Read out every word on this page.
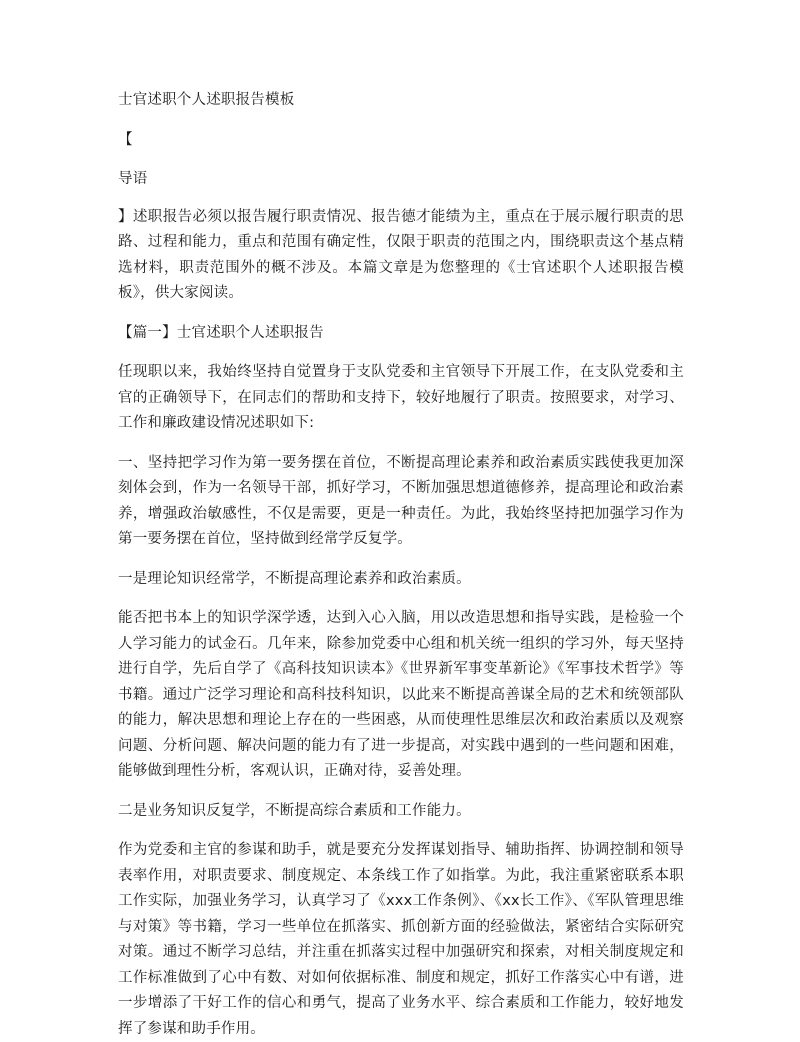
士官述职个人述职报告模板

【

导语

】述职报告必须以报告履行职责情况、报告德才能绩为主，重点在于展示履行职责的思路、过程和能力，重点和范围有确定性，仅限于职责的范围之内，围绕职责这个基点精选材料，职责范围外的概不涉及。本篇文章是为您整理的《士官述职个人述职报告模板》，供大家阅读。

【篇一】士官述职个人述职报告

任现职以来，我始终坚持自觉置身于支队党委和主官领导下开展工作，在支队党委和主官的正确领导下，在同志们的帮助和支持下，较好地履行了职责。按照要求，对学习、工作和廉政建设情况述职如下:

一、坚持把学习作为第一要务摆在首位，不断提高理论素养和政治素质实践使我更加深刻体会到，作为一名领导干部，抓好学习，不断加强思想道德修养，提高理论和政治素养，增强政治敏感性，不仅是需要，更是一种责任。为此，我始终坚持把加强学习作为第一要务摆在首位，坚持做到经常学反复学。

一是理论知识经常学，不断提高理论素养和政治素质。

能否把书本上的知识学深学透，达到入心入脑，用以改造思想和指导实践，是检验一个人学习能力的试金石。几年来，除参加党委中心组和机关统一组织的学习外，每天坚持进行自学，先后自学了《高科技知识读本》《世界新军事变革新论》《军事技术哲学》等书籍。通过广泛学习理论和高科技科知识，以此来不断提高善谋全局的艺术和统领部队的能力，解决思想和理论上存在的一些困惑，从而使理性思维层次和政治素质以及观察问题、分析问题、解决问题的能力有了进一步提高，对实践中遇到的一些问题和困难，能够做到理性分析，客观认识，正确对待，妥善处理。

二是业务知识反复学，不断提高综合素质和工作能力。

作为党委和主官的参谋和助手，就是要充分发挥谋划指导、辅助指挥、协调控制和领导表率作用，对职责要求、制度规定、本条线工作了如指掌。为此，我注重紧密联系本职工作实际，加强业务学习，认真学习了《xxx工作条例》、《xx长工作》、《军队管理思维与对策》等书籍，学习一些单位在抓落实、抓创新方面的经验做法，紧密结合实际研究对策。通过不断学习总结，并注重在抓落实过程中加强研究和探索，对相关制度规定和工作标准做到了心中有数、对如何依据标准、制度和规定，抓好工作落实心中有谱，进一步增添了干好工作的信心和勇气，提高了业务水平、综合素质和工作能力，较好地发挥了参谋和助手作用。
